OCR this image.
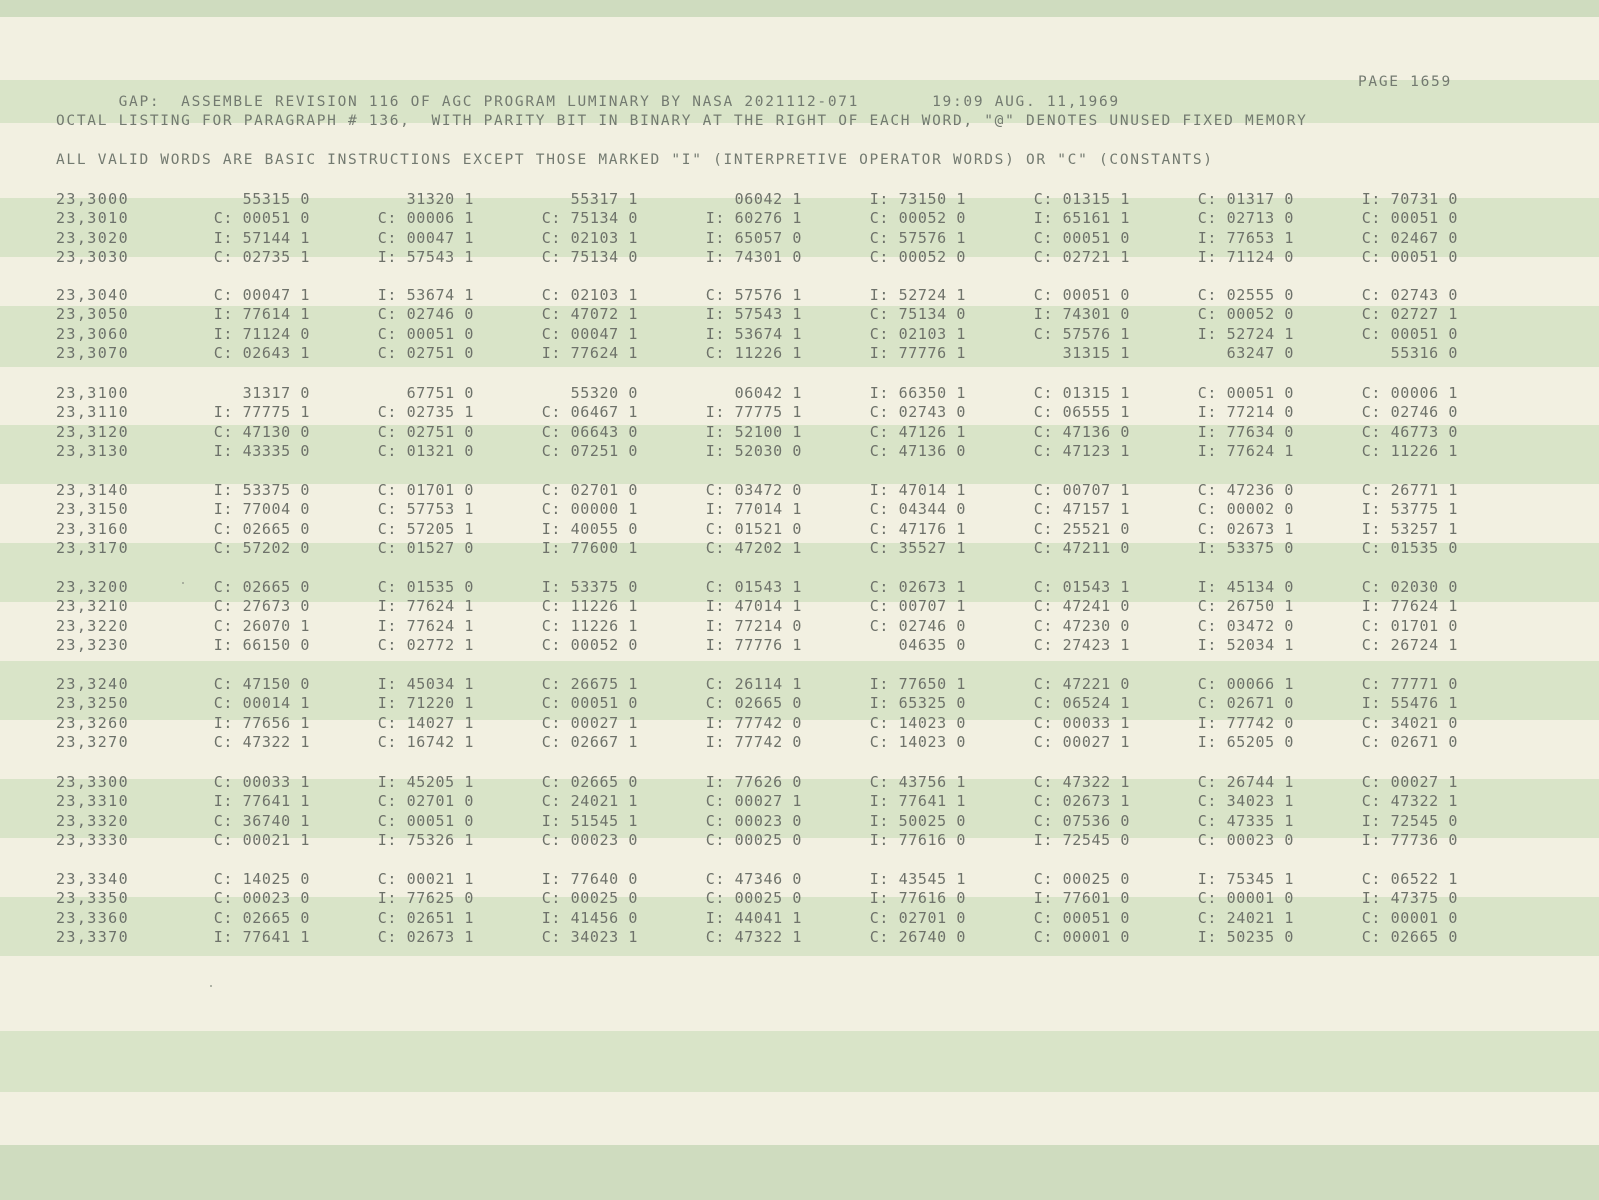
GAP:  ASSEMBLE REVISION 116 OF AGC PROGRAM LUMINARY BY NASA 2021112-071       19:09 AUG. 11,1969

PAGE 1659

OCTAL LISTING FOR PARAGRAPH # 136,  WITH PARITY BIT IN BINARY AT THE RIGHT OF EACH WORD, "@" DENOTES UNUSED FIXED MEMORY
ALL VALID WORDS ARE BASIC INSTRUCTIONS EXCEPT THOSE MARKED "I" (INTERPRETIVE OPERATOR WORDS) OR "C" (CONSTANTS)
23,3000	55315 0	31320 1	55317 1	06042 1	I: 73150 1	C: 01315 1	C: 01317 0	I: 70731 0
23,3010	C: 00051 0	C: 00006 1	C: 75134 0	I: 60276 1	C: 00052 0	I: 65161 1	C: 02713 0	C: 00051 0
23,3020	I: 57144 1	C: 00047 1	C: 02103 1	I: 65057 0	C: 57576 1	C: 00051 0	I: 77653 1	C: 02467 0
23,3030	C: 02735 1	I: 57543 1	C: 75134 0	I: 74301 0	C: 00052 0	C: 02721 1	I: 71124 0	C: 00051 0
23,3040	C: 00047 1	I: 53674 1	C: 02103 1	C: 57576 1	I: 52724 1	C: 00051 0	C: 02555 0	C: 02743 0
23,3050	I: 77614 1	C: 02746 0	C: 47072 1	I: 57543 1	C: 75134 0	I: 74301 0	C: 00052 0	C: 02727 1
23,3060	I: 71124 0	C: 00051 0	C: 00047 1	I: 53674 1	C: 02103 1	C: 57576 1	I: 52724 1	C: 00051 0
23,3070	C: 02643 1	C: 02751 0	I: 77624 1	C: 11226 1	I: 77776 1	31315 1	63247 0	55316 0
23,3100	31317 0	67751 0	55320 0	06042 1	I: 66350 1	C: 01315 1	C: 00051 0	C: 00006 1
23,3110	I: 77775 1	C: 02735 1	C: 06467 1	I: 77775 1	C: 02743 0	C: 06555 1	I: 77214 0	C: 02746 0
23,3120	C: 47130 0	C: 02751 0	C: 06643 0	I: 52100 1	C: 47126 1	C: 47136 0	I: 77634 0	C: 46773 0
23,3130	I: 43335 0	C: 01321 0	C: 07251 0	I: 52030 0	C: 47136 0	C: 47123 1	I: 77624 1	C: 11226 1
23,3140	I: 53375 0	C: 01701 0	C: 02701 0	C: 03472 0	I: 47014 1	C: 00707 1	C: 47236 0	C: 26771 1
23,3150	I: 77004 0	C: 57753 1	C: 00000 1	I: 77014 1	C: 04344 0	C: 47157 1	C: 00002 0	I: 53775 1
23,3160	C: 02665 0	C: 57205 1	I: 40055 0	C: 01521 0	C: 47176 1	C: 25521 0	C: 02673 1	I: 53257 1
23,3170	C: 57202 0	C: 01527 0	I: 77600 1	C: 47202 1	C: 35527 1	C: 47211 0	I: 53375 0	C: 01535 0
23,3200	C: 02665 0	C: 01535 0	I: 53375 0	C: 01543 1	C: 02673 1	C: 01543 1	I: 45134 0	C: 02030 0
23,3210	C: 27673 0	I: 77624 1	C: 11226 1	I: 47014 1	C: 00707 1	C: 47241 0	C: 26750 1	I: 77624 1
23,3220	C: 26070 1	I: 77624 1	C: 11226 1	I: 77214 0	C: 02746 0	C: 47230 0	C: 03472 0	C: 01701 0
23,3230	I: 66150 0	C: 02772 1	C: 00052 0	I: 77776 1	04635 0	C: 27423 1	I: 52034 1	C: 26724 1
23,3240	C: 47150 0	I: 45034 1	C: 26675 1	C: 26114 1	I: 77650 1	C: 47221 0	C: 00066 1	C: 77771 0
23,3250	C: 00014 1	I: 71220 1	C: 00051 0	C: 02665 0	I: 65325 0	C: 06524 1	C: 02671 0	I: 55476 1
23,3260	I: 77656 1	C: 14027 1	C: 00027 1	I: 77742 0	C: 14023 0	C: 00033 1	I: 77742 0	C: 34021 0
23,3270	C: 47322 1	C: 16742 1	C: 02667 1	I: 77742 0	C: 14023 0	C: 00027 1	I: 65205 0	C: 02671 0
23,3300	C: 00033 1	I: 45205 1	C: 02665 0	I: 77626 0	C: 43756 1	C: 47322 1	C: 26744 1	C: 00027 1
23,3310	I: 77641 1	C: 02701 0	C: 24021 1	C: 00027 1	I: 77641 1	C: 02673 1	C: 34023 1	C: 47322 1
23,3320	C: 36740 1	C: 00051 0	I: 51545 1	C: 00023 0	I: 50025 0	C: 07536 0	C: 47335 1	I: 72545 0
23,3330	C: 00021 1	I: 75326 1	C: 00023 0	C: 00025 0	I: 77616 0	I: 72545 0	C: 00023 0	I: 77736 0
23,3340	C: 14025 0	C: 00021 1	I: 77640 0	C: 47346 0	I: 43545 1	C: 00025 0	I: 75345 1	C: 06522 1
23,3350	C: 00023 0	I: 77625 0	C: 00025 0	C: 00025 0	I: 77616 0	I: 77601 0	C: 00001 0	I: 47375 0
23,3360	C: 02665 0	C: 02651 1	I: 41456 0	I: 44041 1	C: 02701 0	C: 00051 0	C: 24021 1	C: 00001 0
23,3370	I: 77641 1	C: 02673 1	C: 34023 1	C: 47322 1	C: 26740 0	C: 00001 0	I: 50235 0	C: 02665 0
